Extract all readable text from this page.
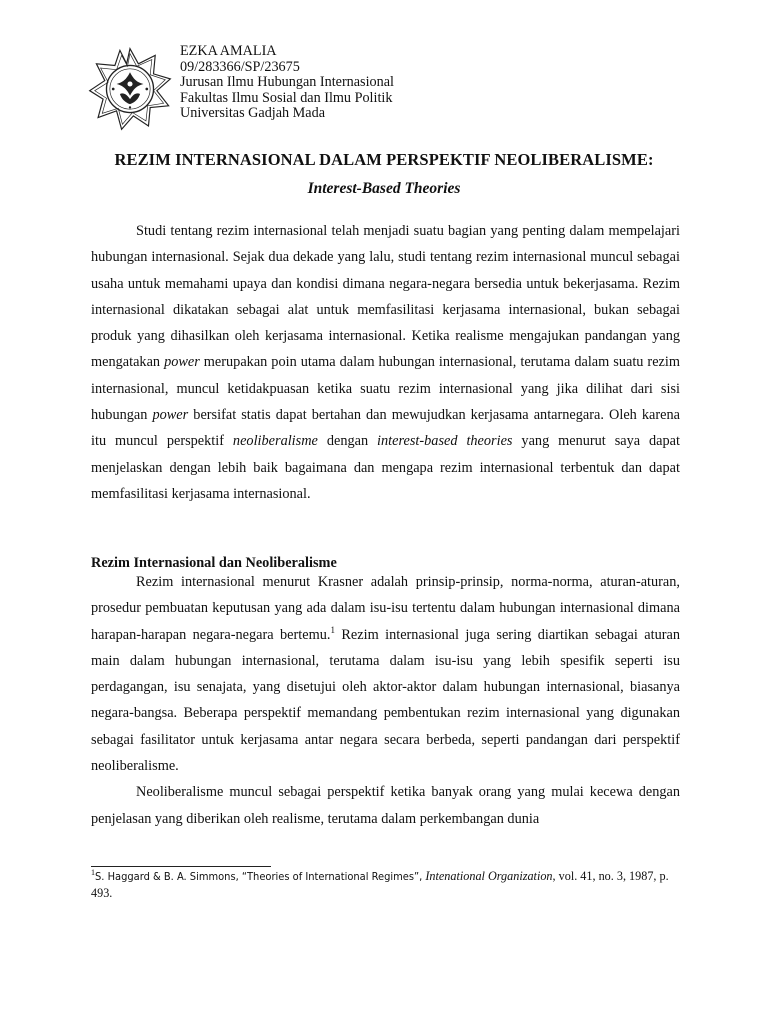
EZKA AMALIA
09/283366/SP/23675
Jurusan Ilmu Hubungan Internasional
Fakultas Ilmu Sosial dan Ilmu Politik
Universitas Gadjah Mada
REZIM INTERNASIONAL DALAM PERSPEKTIF NEOLIBERALISME:
Interest-Based Theories

Studi tentang rezim internasional telah menjadi suatu bagian yang penting dalam mempelajari hubungan internasional. Sejak dua dekade yang lalu, studi tentang rezim internasional muncul sebagai usaha untuk memahami upaya dan kondisi dimana negara-negara bersedia untuk bekerjasama. Rezim internasional dikatakan sebagai alat untuk memfasilitasi kerjasama internasional, bukan sebagai produk yang dihasilkan oleh kerjasama internasional. Ketika realisme mengajukan pandangan yang mengatakan power merupakan poin utama dalam hubungan internasional, terutama dalam suatu rezim internasional, muncul ketidakpuasan ketika suatu rezim internasional yang jika dilihat dari sisi hubungan power bersifat statis dapat bertahan dan mewujudkan kerjasama antarnegara. Oleh karena itu muncul perspektif neoliberalisme dengan interest-based theories yang menurut saya dapat menjelaskan dengan lebih baik bagaimana dan mengapa rezim internasional terbentuk dan dapat memfasilitasi kerjasama internasional.

Rezim Internasional dan Neoliberalisme

Rezim internasional menurut Krasner adalah prinsip-prinsip, norma-norma, aturan-aturan, prosedur pembuatan keputusan yang ada dalam isu-isu tertentu dalam hubungan internasional dimana harapan-harapan negara-negara bertemu.$^1$ Rezim internasional juga sering diartikan sebagai aturan main dalam hubungan internasional, terutama dalam isu-isu yang lebih spesifik seperti isu perdagangan, isu senajata, yang disetujui oleh aktor-aktor dalam hubungan internasional, biasanya negara-bangsa. Beberapa perspektif memandang pembentukan rezim internasional yang digunakan sebagai fasilitator untuk kerjasama antar negara secara berbeda, seperti pandangan dari perspektif neoliberalisme.

Neoliberalisme muncul sebagai perspektif ketika banyak orang yang mulai kecewa dengan penjelasan yang diberikan oleh realisme, terutama dalam perkembangan dunia

$^1$S. Haggard & B. A. Simmons, “Theories of International Regimes”, Intenational Organization, vol. 41, no. 3, 1987, p. 493.
